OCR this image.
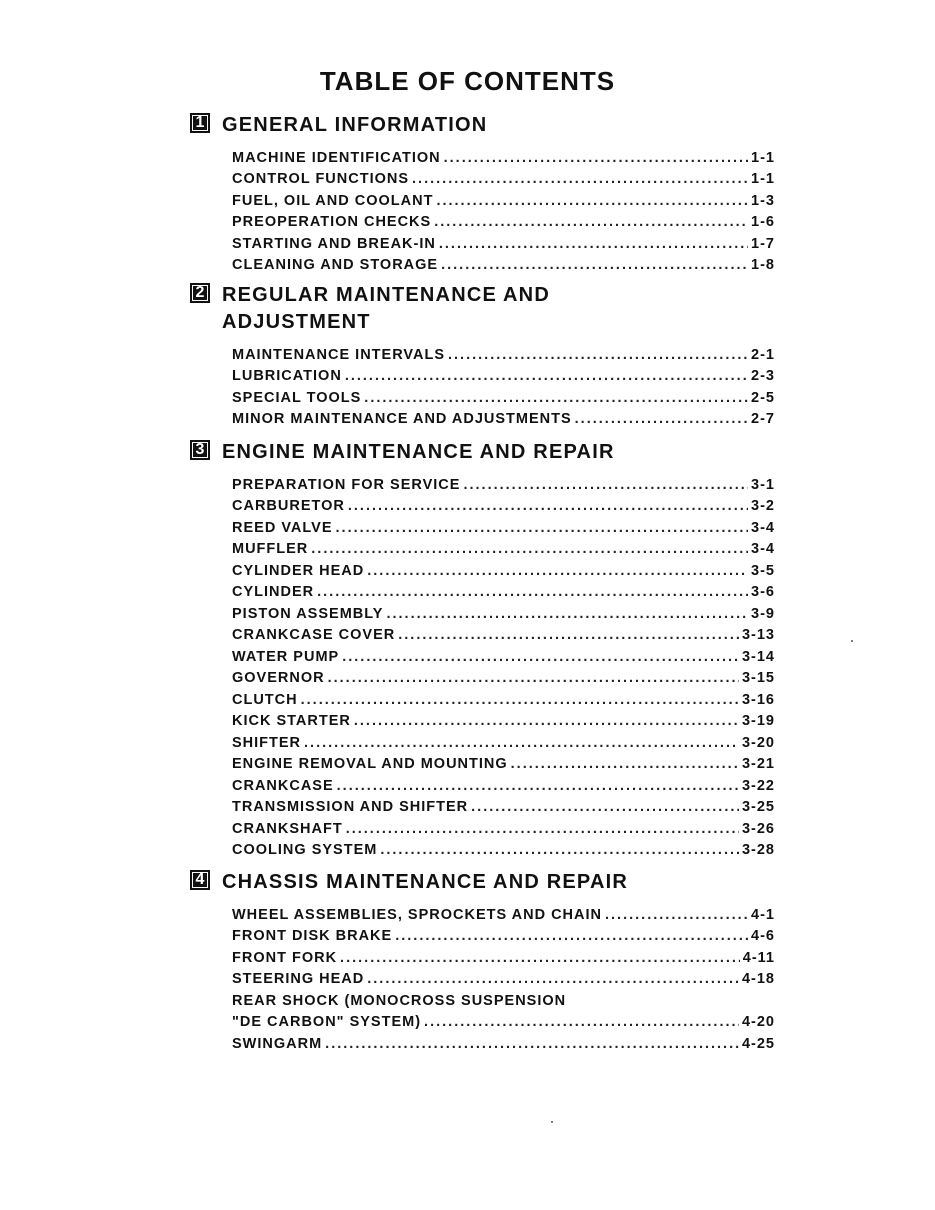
TABLE OF CONTENTS
1 GENERAL INFORMATION
MACHINE IDENTIFICATION .....	1-1
CONTROL FUNCTIONS .....	1-1
FUEL, OIL AND COOLANT .....	1-3
PREOPERATION CHECKS .....	1-6
STARTING AND BREAK-IN .....	1-7
CLEANING AND STORAGE .....	1-8
2 REGULAR MAINTENANCE AND ADJUSTMENT
MAINTENANCE INTERVALS .....	2-1
LUBRICATION .....	2-3
SPECIAL TOOLS .....	2-5
MINOR MAINTENANCE AND ADJUSTMENTS .....	2-7
3 ENGINE MAINTENANCE AND REPAIR
PREPARATION FOR SERVICE .....	3-1
CARBURETOR .....	3-2
REED VALVE .....	3-4
MUFFLER .....	3-4
CYLINDER HEAD .....	3-5
CYLINDER .....	3-6
PISTON ASSEMBLY .....	3-9
CRANKCASE COVER .....	3-13
WATER PUMP .....	3-14
GOVERNOR .....	3-15
CLUTCH .....	3-16
KICK STARTER .....	3-19
SHIFTER .....	3-20
ENGINE REMOVAL AND MOUNTING .....	3-21
CRANKCASE .....	3-22
TRANSMISSION AND SHIFTER .....	3-25
CRANKSHAFT .....	3-26
COOLING SYSTEM .....	3-28
4 CHASSIS MAINTENANCE AND REPAIR
WHEEL ASSEMBLIES, SPROCKETS AND CHAIN .....	4-1
FRONT DISK BRAKE .....	4-6
FRONT FORK .....	4-11
STEERING HEAD .....	4-18
REAR SHOCK (MONOCROSS SUSPENSION
"DE CARBON" SYSTEM) .....	4-20
SWINGARM .....	4-25
